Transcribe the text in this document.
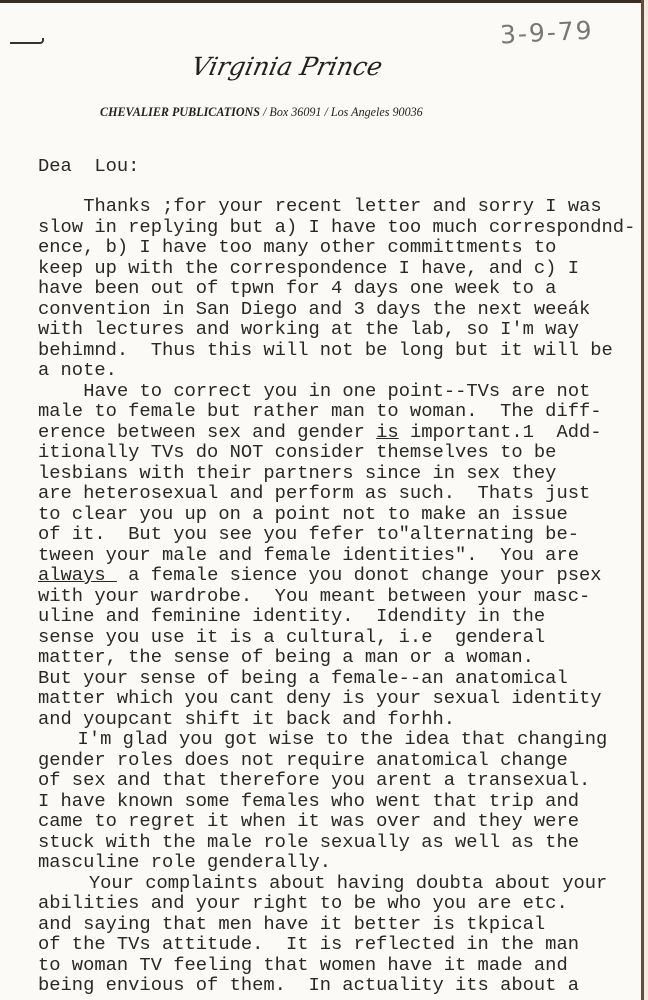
3-9-79
Virginia Prince
CHEVALIER PUBLICATIONS / Box 36091 / Los Angeles 90036
Dea  Lou:
Thanks ;for your recent letter and sorry I was
slow in replying but a) I have too much correspondnd-
ence, b) I have too many other committments to
keep up with the correspondence I have, and c) I
have been out of tpwn for 4 days one week to a
convention in San Diego and 3 days the next weeák
with lectures and working at the lab, so I'm way
behimnd.  Thus this will not be long but it will be
a note.
Have to correct you in one point--TVs are not
male to female but rather man to woman.  The diff-
erence between sex and gender is important.1  Add-
itionally TVs do NOT consider themselves to be
lesbians with their partners since in sex they
are heterosexual and perform as such.  Thats just
to clear you up on a point not to make an issue
of it.  But you see you fefer to"alternating be-
tween your male and female identities".  You are
always  a female sience you donot change your psex
with your wardrobe.  You meant between your masc-
uline and feminine identity.  Idendity in the
sense you use it is a cultural, i.e  genderal
matter, the sense of being a man or a woman.
But your sense of being a female--an anatomical
matter which you cant deny is your sexual identity
and youpcant shift it back and forhh.
I'm glad you got wise to the idea that changing
gender roles does not require anatomical change
of sex and that therefore you arent a transexual.
I have known some females who went that trip and
came to regret it when it was over and they were
stuck with the male role sexually as well as the
masculine role genderally.
Your complaints about having doubta about your
abilities and your right to be who you are etc.
and saying that men have it better is tkpical
of the TVs attitude.  It is reflected in the man
to woman TV feeling that women have it made and
being envious of them.  In actuality its about a
